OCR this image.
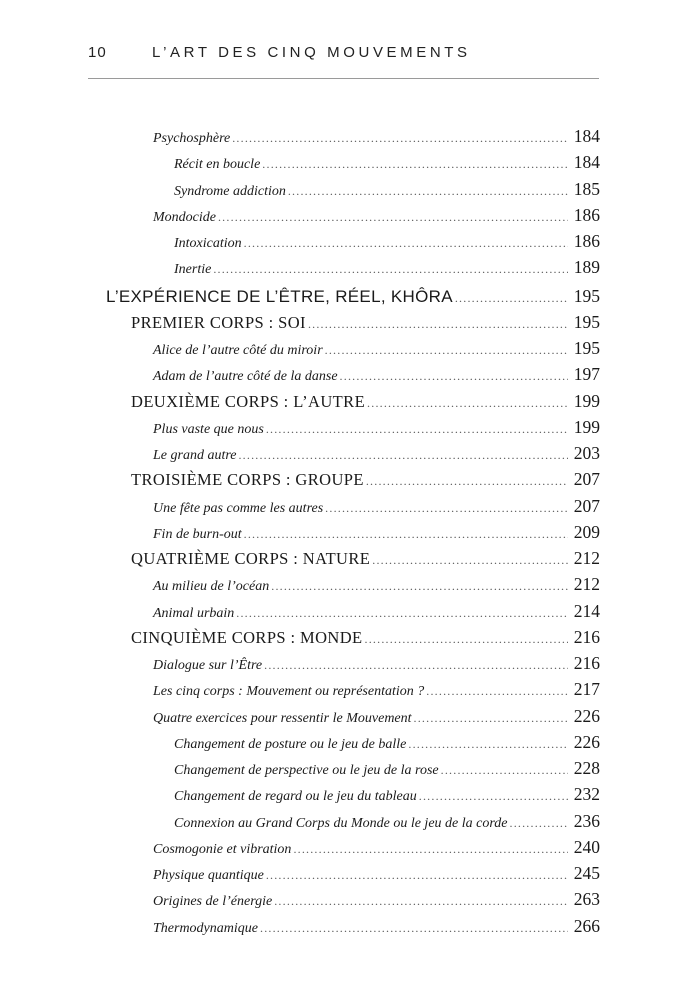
10	L’ART DES CINQ MOUVEMENTS
Psychosphère .....	184
Récit en boucle .....	184
Syndrome addiction .....	185
Mondocide .....	186
Intoxication .....	186
Inertie .....	189
L’EXPÉRIENCE DE L’ÊTRE, RÉEL, KHÔRA .....	195
PREMIER CORPS : SOI .....	195
Alice de l’autre côté du miroir .....	195
Adam de l’autre côté de la danse .....	197
DEUXIÈME CORPS : L’AUTRE .....	199
Plus vaste que nous .....	199
Le grand autre .....	203
TROISIÈME CORPS : GROUPE .....	207
Une fête pas comme les autres .....	207
Fin de burn-out .....	209
QUATRIÈME CORPS : NATURE .....	212
Au milieu de l’océan .....	212
Animal urbain .....	214
CINQUIÈME CORPS : MONDE .....	216
Dialogue sur l’Être .....	216
Les cinq corps : Mouvement ou représentation ? .....	217
Quatre exercices pour ressentir le Mouvement .....	226
Changement de posture ou le jeu de balle .....	226
Changement de perspective ou le jeu de la rose .....	228
Changement de regard ou le jeu du tableau .....	232
Connexion au Grand Corps du Monde ou le jeu de la corde .....	236
Cosmogonie et vibration .....	240
Physique quantique .....	245
Origines de l’énergie .....	263
Thermodynamique .....	266
